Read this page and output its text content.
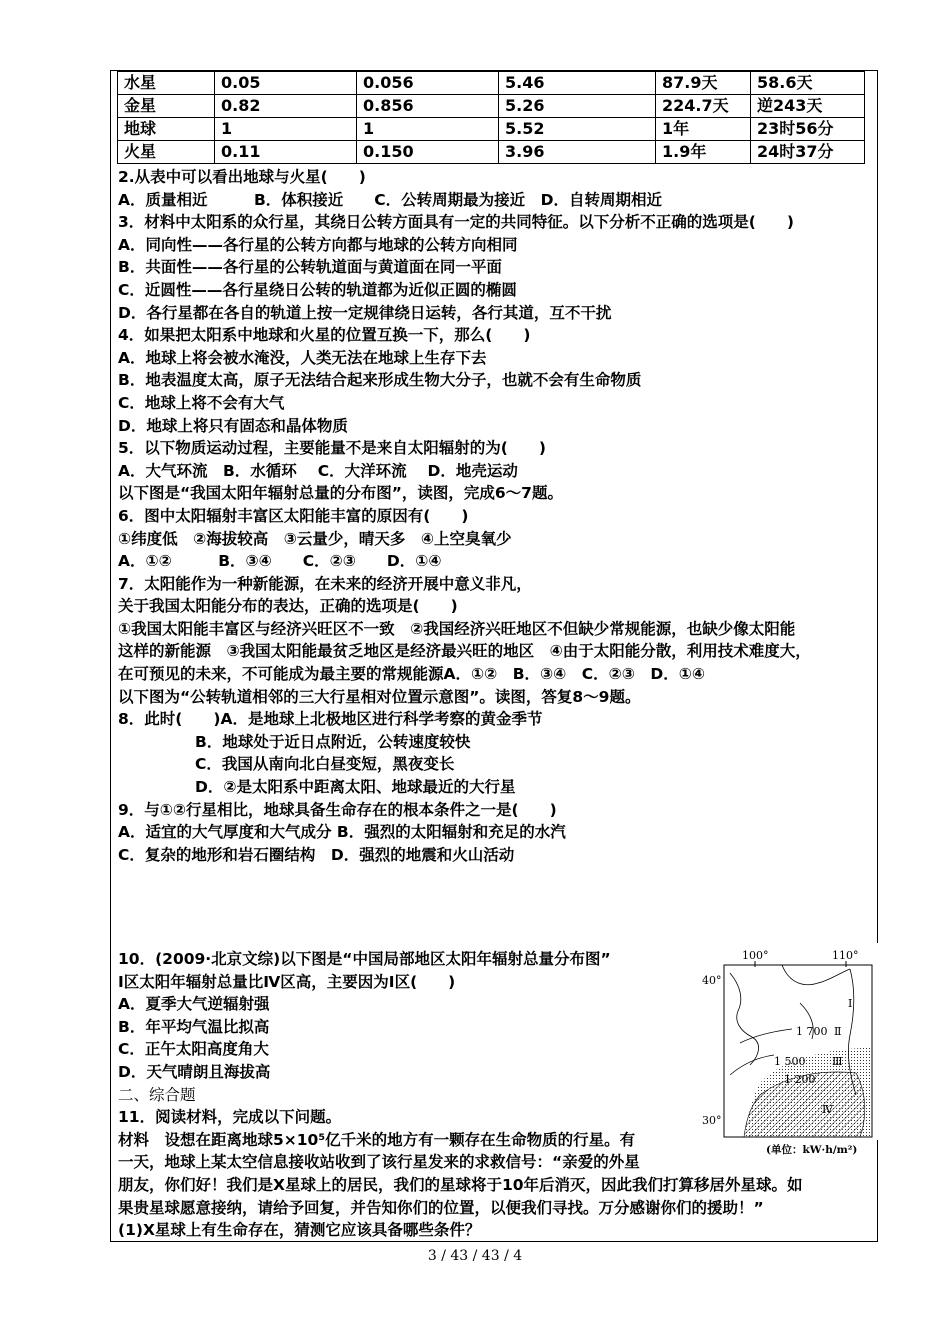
水星	0.05	0.056	5.46	87.9天	58.6天
金星	0.82	0.856	5.26	224.7天	逆243天
地球	1	1	5.52	1年	23时56分
火星	0.11	0.150	3.96	1.9年	24时37分
2.从表中可以看出地球与火星(　　)
A．质量相近　　　B．体积接近　　C．公转周期最为接近　D．自转周期相近
3．材料中太阳系的众行星，其绕日公转方面具有一定的共同特征。以下分析不正确的选项是(　　)
A．同向性——各行星的公转方向都与地球的公转方向相同
B．共面性——各行星的公转轨道面与黄道面在同一平面
C．近圆性——各行星绕日公转的轨道都为近似正圆的椭圆
D．各行星都在各自的轨道上按一定规律绕日运转，各行其道，互不干扰
4．如果把太阳系中地球和火星的位置互换一下，那么(　　)
A．地球上将会被水淹没，人类无法在地球上生存下去
B．地表温度太高，原子无法结合起来形成生物大分子，也就不会有生命物质
C．地球上将不会有大气
D．地球上将只有固态和晶体物质
5．以下物质运动过程，主要能量不是来自太阳辐射的为(　　)
A．大气环流　B．水循环　 C．大洋环流　 D．地壳运动
以下图是“我国太阳年辐射总量的分布图”，读图，完成6～7题。
6．图中太阳辐射丰富区太阳能丰富的原因有(　　)
①纬度低　②海拔较高　③云量少，晴天多　④上空臭氧少
A．①②　　　B．③④　　C．②③　　D．①④
7．太阳能作为一种新能源，在未来的经济开展中意义非凡，
关于我国太阳能分布的表达，正确的选项是(　　)
①我国太阳能丰富区与经济兴旺区不一致　②我国经济兴旺地区不但缺少常规能源，也缺少像太阳能
这样的新能源　③我国太阳能最贫乏地区是经济最兴旺的地区　④由于太阳能分散，利用技术难度大，
在可预见的未来，不可能成为最主要的常规能源A．①②　B．③④　C．②③　D．①④
以下图为“公转轨道相邻的三大行星相对位置示意图”。读图，答复8～9题。
8．此时(　　)A．是地球上北极地区进行科学考察的黄金季节
B．地球处于近日点附近，公转速度较快
C．我国从南向北白昼变短，黑夜变长
D．②是太阳系中距离太阳、地球最近的大行星
9．与①②行星相比，地球具备生命存在的根本条件之一是(　　)
A．适宜的大气厚度和大气成分 B．强烈的太阳辐射和充足的水汽
C．复杂的地形和岩石圈结构　D．强烈的地震和火山活动
10．(2009·北京文综)以下图是“中国局部地区太阳年辐射总量分布图”
Ⅰ区太阳年辐射总量比Ⅳ区高，主要因为Ⅰ区(　　)
A．夏季大气逆辐射强
B．年平均气温比拟高
C．正午太阳高度角大
D．天气晴朗且海拔高
二、综合题
11．阅读材料，完成以下问题。
材料　设想在距离地球5×10⁵亿千米的地方有一颗存在生命物质的行星。有
一天，地球上某太空信息接收站收到了该行星发来的求救信号：“亲爱的外星
朋友，你们好！我们是X星球上的居民，我们的星球将于10年后消灭，因此我们打算移居外星球。如
果贵星球愿意接纳，请给予回复，并告知你们的位置，以便我们寻找。万分感谢你们的援助！”
(1)X星球上有生命存在，猜测它应该具备哪些条件？
100°	110°
40°
30°
Ⅰ
1 700 Ⅱ
1 500 Ⅲ
1 200
Ⅳ
(单位：kW·h/m²)
3 / 43 / 43 / 4
